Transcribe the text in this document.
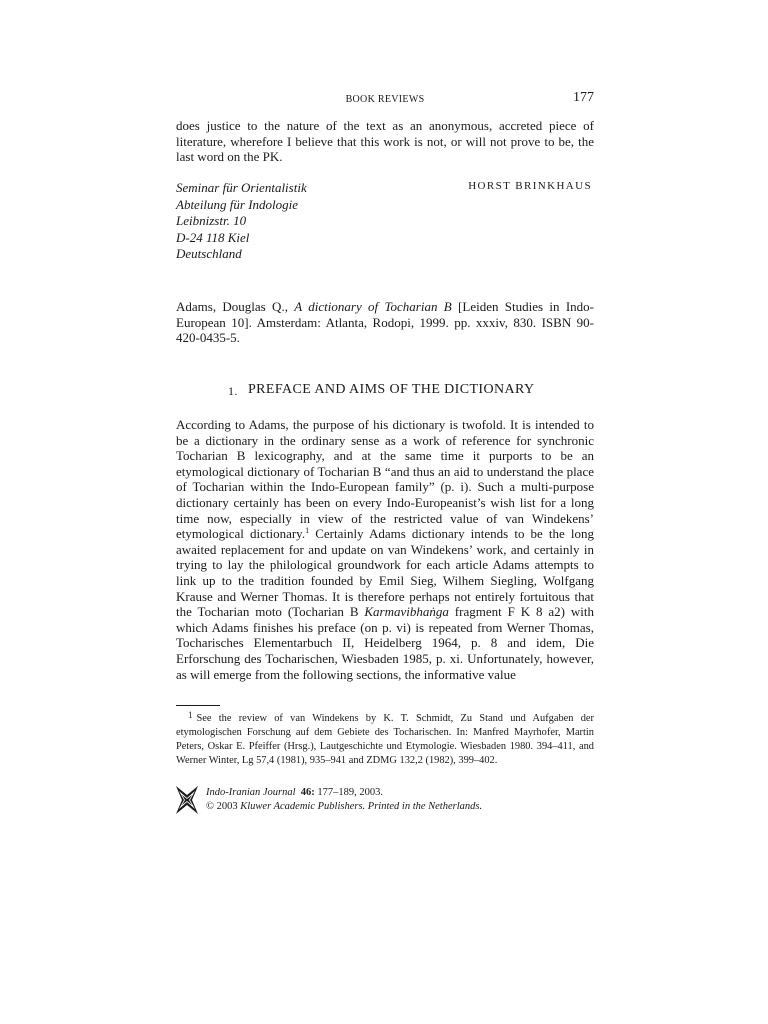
BOOK REVIEWS	177
does justice to the nature of the text as an anonymous, accreted piece of literature, wherefore I believe that this work is not, or will not prove to be, the last word on the PK.
Seminar für Orientalistik
Abteilung für Indologie
Leibnizstr. 10
D-24 118 Kiel
Deutschland
HORST BRINKHAUS
Adams, Douglas Q., A dictionary of Tocharian B [Leiden Studies in Indo-European 10]. Amsterdam: Atlanta, Rodopi, 1999. pp. xxxiv, 830. ISBN 90-420-0435-5.
1. PREFACE AND AIMS OF THE DICTIONARY
According to Adams, the purpose of his dictionary is twofold. It is intended to be a dictionary in the ordinary sense as a work of reference for synchronic Tocharian B lexicography, and at the same time it purports to be an etymological dictionary of Tocharian B “and thus an aid to understand the place of Tocharian within the Indo-European family” (p. i). Such a multi-purpose dictionary certainly has been on every Indo-Europeanist’s wish list for a long time now, especially in view of the restricted value of van Windekens’ etymological dictionary.$^1$ Certainly Adams dictionary intends to be the long awaited replacement for and update on van Windekens’ work, and certainly in trying to lay the philological groundwork for each article Adams attempts to link up to the tradition founded by Emil Sieg, Wilhem Siegling, Wolfgang Krause and Werner Thomas. It is therefore perhaps not entirely fortuitous that the Tocharian moto (Tocharian B Karmavibhaṅga fragment F K 8 a2) with which Adams finishes his preface (on p. vi) is repeated from Werner Thomas, Tocharisches Elementarbuch II, Heidelberg 1964, p. 8 and idem, Die Erforschung des Tocharischen, Wiesbaden 1985, p. xi. Unfortunately, however, as will emerge from the following sections, the informative value
1 See the review of van Windekens by K. T. Schmidt, Zu Stand und Aufgaben der etymologischen Forschung auf dem Gebiete des Tocharischen. In: Manfred Mayrhofer, Martin Peters, Oskar E. Pfeiffer (Hrsg.), Lautgeschichte und Etymologie. Wiesbaden 1980. 394–411, and Werner Winter, Lg 57,4 (1981), 935–941 and ZDMG 132,2 (1982), 399–402.
Indo-Iranian Journal 46: 177–189, 2003.
© 2003 Kluwer Academic Publishers. Printed in the Netherlands.
